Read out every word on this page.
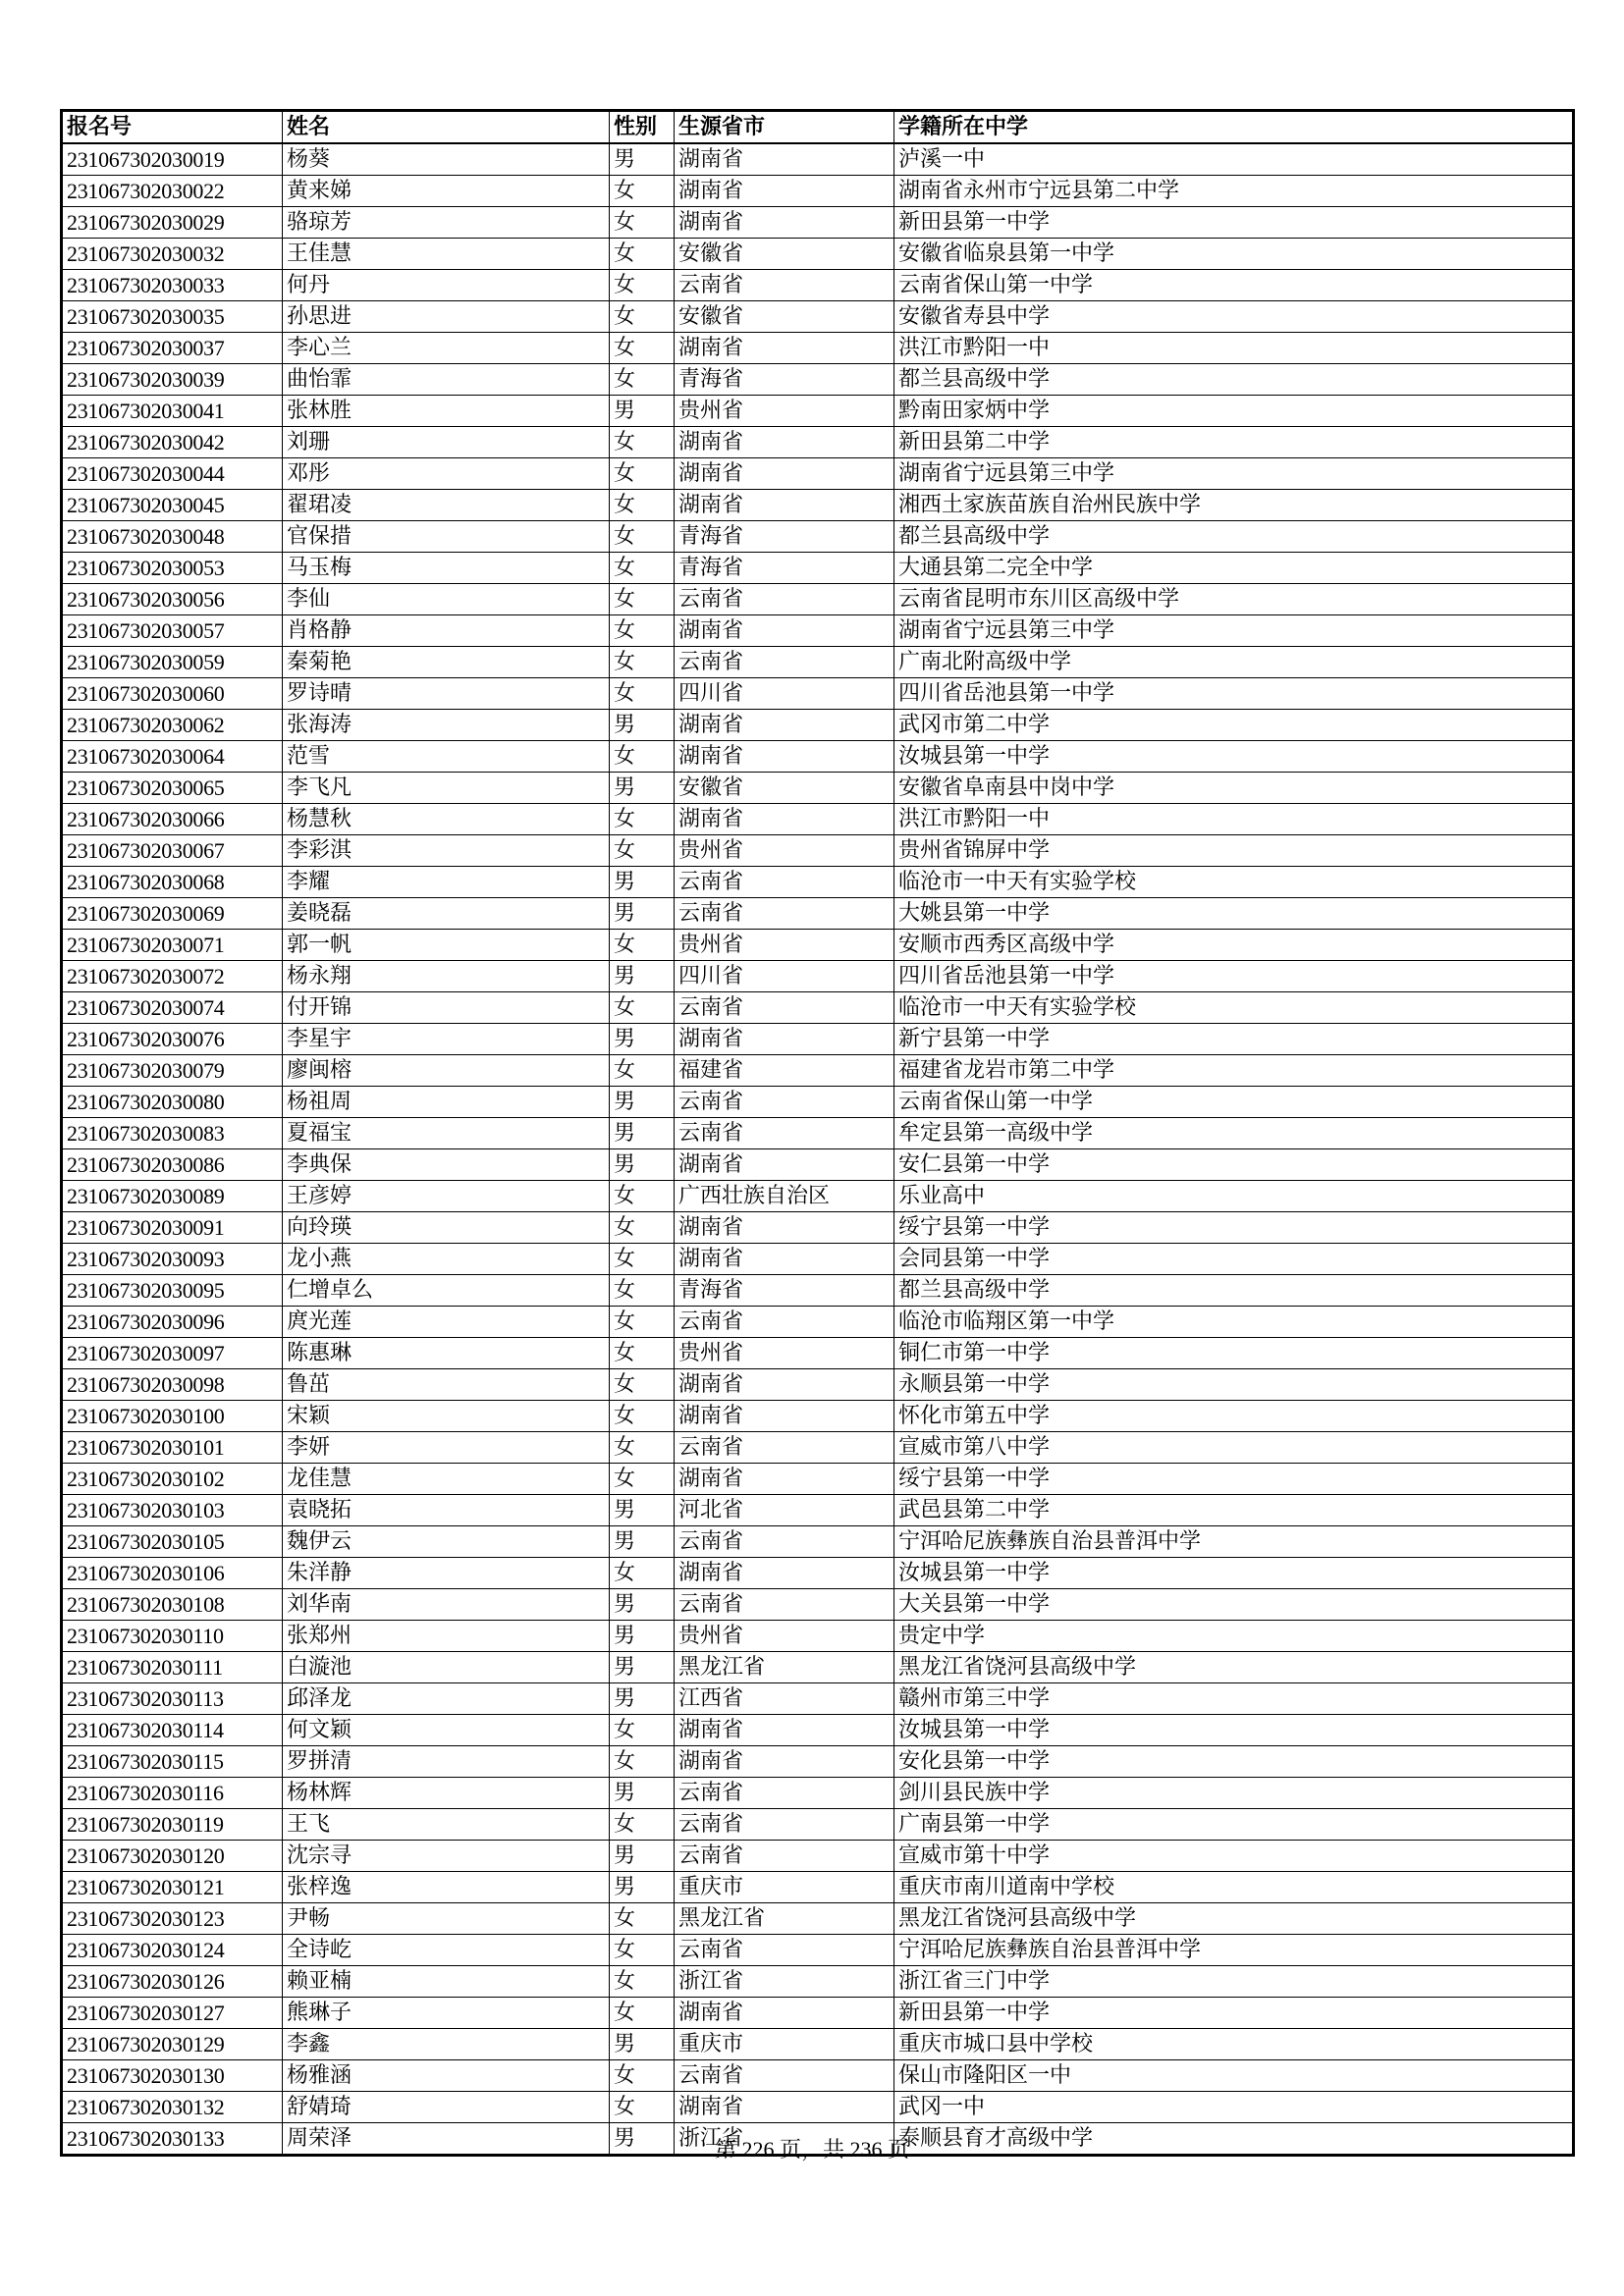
报名号	姓名	性别	生源省市	学籍所在中学
231067302030019	杨葵	男	湖南省	泸溪一中
231067302030022	黄来娣	女	湖南省	湖南省永州市宁远县第二中学
231067302030029	骆琼芳	女	湖南省	新田县第一中学
231067302030032	王佳慧	女	安徽省	安徽省临泉县第一中学
231067302030033	何丹	女	云南省	云南省保山第一中学
231067302030035	孙思进	女	安徽省	安徽省寿县中学
231067302030037	李心兰	女	湖南省	洪江市黔阳一中
231067302030039	曲怡霏	女	青海省	都兰县高级中学
231067302030041	张林胜	男	贵州省	黔南田家炳中学
231067302030042	刘珊	女	湖南省	新田县第二中学
231067302030044	邓彤	女	湖南省	湖南省宁远县第三中学
231067302030045	翟珺凌	女	湖南省	湘西土家族苗族自治州民族中学
231067302030048	官保措	女	青海省	都兰县高级中学
231067302030053	马玉梅	女	青海省	大通县第二完全中学
231067302030056	李仙	女	云南省	云南省昆明市东川区高级中学
231067302030057	肖格静	女	湖南省	湖南省宁远县第三中学
231067302030059	秦菊艳	女	云南省	广南北附高级中学
231067302030060	罗诗晴	女	四川省	四川省岳池县第一中学
231067302030062	张海涛	男	湖南省	武冈市第二中学
231067302030064	范雪	女	湖南省	汝城县第一中学
231067302030065	李飞凡	男	安徽省	安徽省阜南县中岗中学
231067302030066	杨慧秋	女	湖南省	洪江市黔阳一中
231067302030067	李彩淇	女	贵州省	贵州省锦屏中学
231067302030068	李耀	男	云南省	临沧市一中天有实验学校
231067302030069	姜晓磊	男	云南省	大姚县第一中学
231067302030071	郭一帆	女	贵州省	安顺市西秀区高级中学
231067302030072	杨永翔	男	四川省	四川省岳池县第一中学
231067302030074	付开锦	女	云南省	临沧市一中天有实验学校
231067302030076	李星宇	男	湖南省	新宁县第一中学
231067302030079	廖闽榕	女	福建省	福建省龙岩市第二中学
231067302030080	杨祖周	男	云南省	云南省保山第一中学
231067302030083	夏福宝	男	云南省	牟定县第一高级中学
231067302030086	李典保	男	湖南省	安仁县第一中学
231067302030089	王彦婷	女	广西壮族自治区	乐业高中
231067302030091	向玲瑛	女	湖南省	绥宁县第一中学
231067302030093	龙小燕	女	湖南省	会同县第一中学
231067302030095	仁增卓么	女	青海省	都兰县高级中学
231067302030096	庹光莲	女	云南省	临沧市临翔区第一中学
231067302030097	陈惠琳	女	贵州省	铜仁市第一中学
231067302030098	鲁茁	女	湖南省	永顺县第一中学
231067302030100	宋颖	女	湖南省	怀化市第五中学
231067302030101	李妍	女	云南省	宣威市第八中学
231067302030102	龙佳慧	女	湖南省	绥宁县第一中学
231067302030103	袁晓拓	男	河北省	武邑县第二中学
231067302030105	魏伊云	男	云南省	宁洱哈尼族彝族自治县普洱中学
231067302030106	朱洋静	女	湖南省	汝城县第一中学
231067302030108	刘华南	男	云南省	大关县第一中学
231067302030110	张郑州	男	贵州省	贵定中学
231067302030111	白漩池	男	黑龙江省	黑龙江省饶河县高级中学
231067302030113	邱泽龙	男	江西省	赣州市第三中学
231067302030114	何文颖	女	湖南省	汝城县第一中学
231067302030115	罗拼清	女	湖南省	安化县第一中学
231067302030116	杨林辉	男	云南省	剑川县民族中学
231067302030119	王飞	女	云南省	广南县第一中学
231067302030120	沈宗寻	男	云南省	宣威市第十中学
231067302030121	张梓逸	男	重庆市	重庆市南川道南中学校
231067302030123	尹畅	女	黑龙江省	黑龙江省饶河县高级中学
231067302030124	全诗屹	女	云南省	宁洱哈尼族彝族自治县普洱中学
231067302030126	赖亚楠	女	浙江省	浙江省三门中学
231067302030127	熊琳子	女	湖南省	新田县第一中学
231067302030129	李鑫	男	重庆市	重庆市城口县中学校
231067302030130	杨雅涵	女	云南省	保山市隆阳区一中
231067302030132	舒婧琦	女	湖南省	武冈一中
231067302030133	周荣泽	男	浙江省	泰顺县育才高级中学
第 226 页，共 236 页
